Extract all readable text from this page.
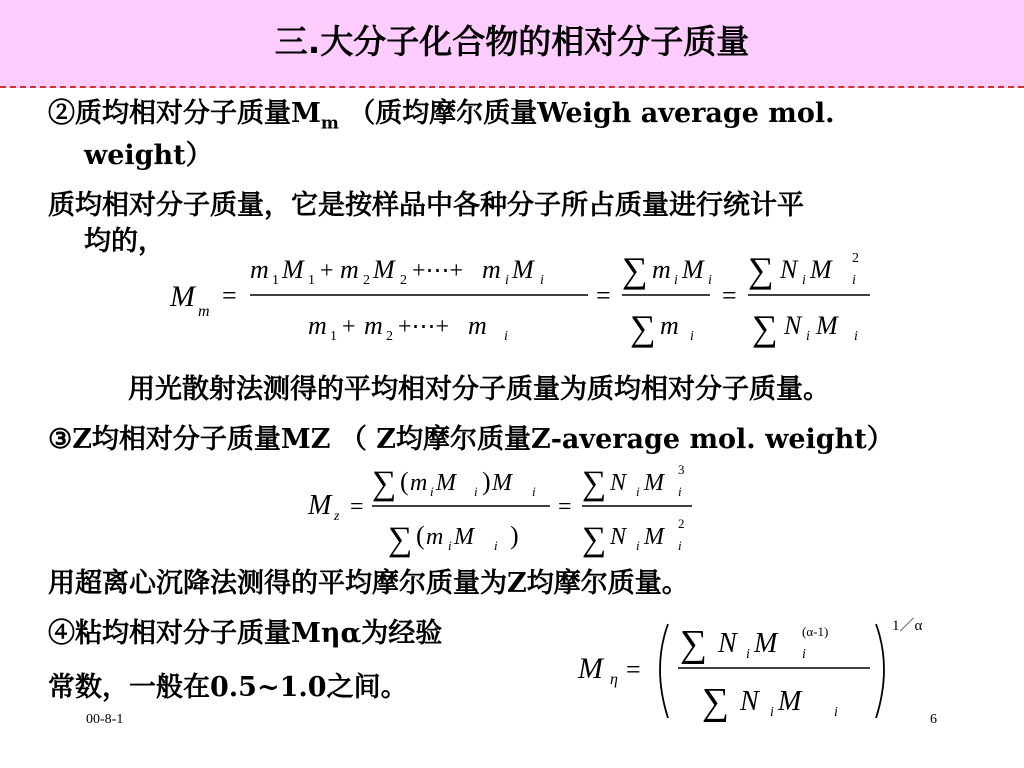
三.大分子化合物的相对分子质量
②质均相对分子质量$M_m$ （质均摩尔质量Weigh average mol.
weight）
质均相对分子质量，它是按样品中各种分子所占质量进行统计平
均的，
M m
=
m 1 M 1 + m 2 M 2 +⋯+ m i M i
m 1 + m 2 +⋯+ m i
=
∑ m i M i
∑ m i
=
∑ N i M 2
i
∑ N i M i
用光散射法测得的平均相对分子质量为质均相对分子质量。
③Z均相对分子质量MZ （ Z均摩尔质量Z-average mol. weight）
M z =
∑ ( m i M i ) M i
∑ ( m i M i )
=
∑ N i M
3
i
∑ N i M
2
i
用超离心沉降法测得的平均摩尔质量为Z均摩尔质量。
④粘均相对分子质量Mηα为经验
常数，一般在0.5~1.0之间。
M η =
∑ N i M (α-1)
i
∑ N i M i
1／α
00-8-1	6
